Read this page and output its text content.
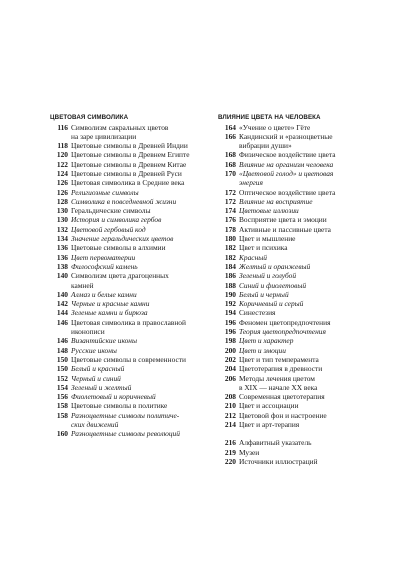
ЦВЕТОВАЯ СИМВОЛИКА
116 Символизм сакральных цветов
на заре цивилизации
118 Цветовые символы в Древней Индии
120 Цветовые символы в Древнем Египте
122 Цветовые символы в Древнем Китае
124 Цветовые символы в Древней Руси
126 Цветовая символика в Средние века
126 Религиозные символы
128 Символика в повседневной жизни
130 Геральдические символы
130 История и символика гербов
132 Цветовой гербовый код
134 Значение геральдических цветов
136 Цветовые символы в алхимии
136 Цвет первоматерии
138 Философский камень
140 Символизм цвета драгоценных
камней
140 Алмаз и белые камни
142 Черные и красные камни
144 Зеленые камни и бирюза
146 Цветовая символика в православной
иконописи
146 Византийские иконы
148 Русские иконы
150 Цветовые символы в современности
150 Белый и красный
152 Черный и синий
154 Зеленый и желтый
156 Фиолетовый и коричневый
158 Цветовые символы в политике
158 Разноцветные символы политиче-
ских движений
160 Разноцветные символы революций
ВЛИЯНИЕ ЦВЕТА НА ЧЕЛОВЕКА
164 «Учение о цвете» Гёте
166 Кандинский и «разноцветные
вибрации души»
168 Физическое воздействие цвета
168 Влияние на организм человека
170 «Цветовой голод» и цветовая
энергия
172 Оптическое воздействие цвета
172 Влияние на восприятие
174 Цветовые иллюзии
176 Восприятие цвета и эмоции
178 Активные и пассивные цвета
180 Цвет и мышление
182 Цвет и психика
182 Красный
184 Желтый и оранжевый
186 Зеленый и голубой
188 Синий и фиолетовый
190 Белый и черный
192 Коричневый и серый
194 Синестезия
196 Феномен цветопредпочтения
196 Теория цветопредпочтения
198 Цвет и характер
200 Цвет и эмоции
202 Цвет и тип темперамента
204 Цветотерапия в древности
206 Методы лечения цветом
в XIX — начале XX века
208 Современная цветотерапия
210 Цвет и ассоциации
212 Цветовой фон и настроение
214 Цвет и арт-терапия
216 Алфавитный указатель
219 Музеи
220 Источники иллюстраций
